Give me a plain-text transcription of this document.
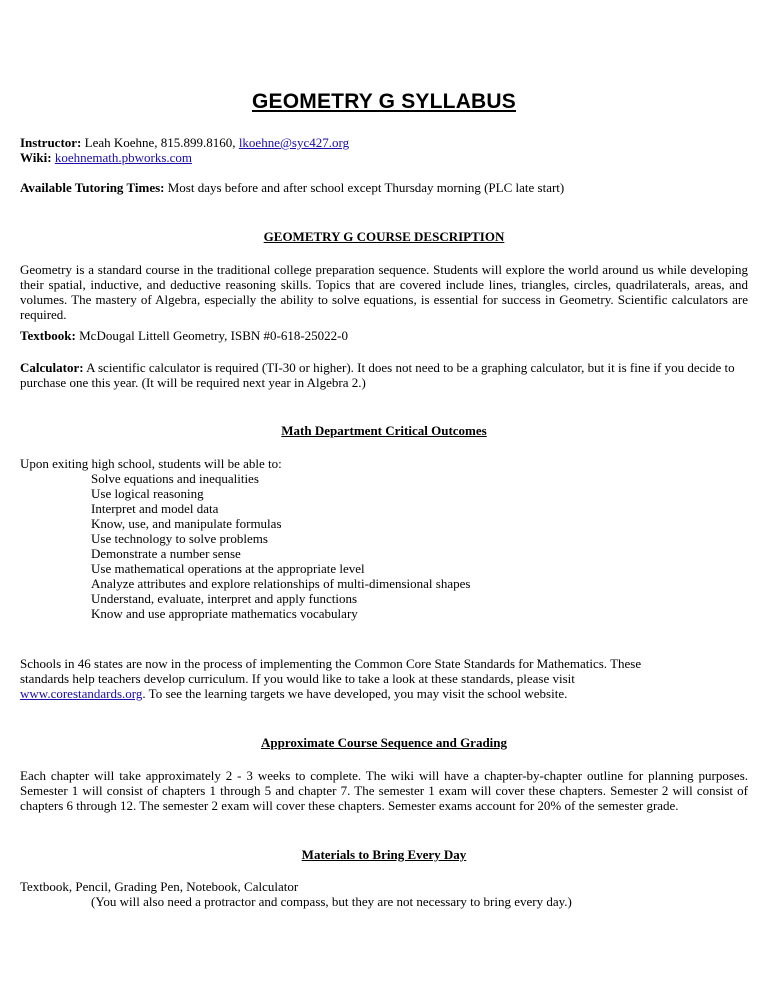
GEOMETRY G SYLLABUS
Instructor: Leah Koehne, 815.899.8160, lkoehne@syc427.org
Wiki: koehnemath.pbworks.com
Available Tutoring Times: Most days before and after school except Thursday morning (PLC late start)
GEOMETRY G COURSE DESCRIPTION
Geometry is a standard course in the traditional college preparation sequence. Students will explore the world around us while developing their spatial, inductive, and deductive reasoning skills. Topics that are covered include lines, triangles, circles, quadrilaterals, areas, and volumes. The mastery of Algebra, especially the ability to solve equations, is essential for success in Geometry. Scientific calculators are required.
Textbook: McDougal Littell Geometry, ISBN #0-618-25022-0
Calculator: A scientific calculator is required (TI-30 or higher). It does not need to be a graphing calculator, but it is fine if you decide to purchase one this year. (It will be required next year in Algebra 2.)
Math Department Critical Outcomes
Upon exiting high school, students will be able to:
Solve equations and inequalities
Use logical reasoning
Interpret and model data
Know, use, and manipulate formulas
Use technology to solve problems
Demonstrate a number sense
Use mathematical operations at the appropriate level
Analyze attributes and explore relationships of multi-dimensional shapes
Understand, evaluate, interpret and apply functions
Know and use appropriate mathematics vocabulary
Schools in 46 states are now in the process of implementing the Common Core State Standards for Mathematics. These
standards help teachers develop curriculum. If you would like to take a look at these standards, please visit
www.corestandards.org. To see the learning targets we have developed, you may visit the school website.
Approximate Course Sequence and Grading
Each chapter will take approximately 2 - 3 weeks to complete. The wiki will have a chapter-by-chapter outline for planning purposes. Semester 1 will consist of chapters 1 through 5 and chapter 7. The semester 1 exam will cover these chapters. Semester 2 will consist of chapters 6 through 12. The semester 2 exam will cover these chapters. Semester exams account for 20% of the semester grade.
Materials to Bring Every Day
Textbook, Pencil, Grading Pen, Notebook, Calculator
(You will also need a protractor and compass, but they are not necessary to bring every day.)
